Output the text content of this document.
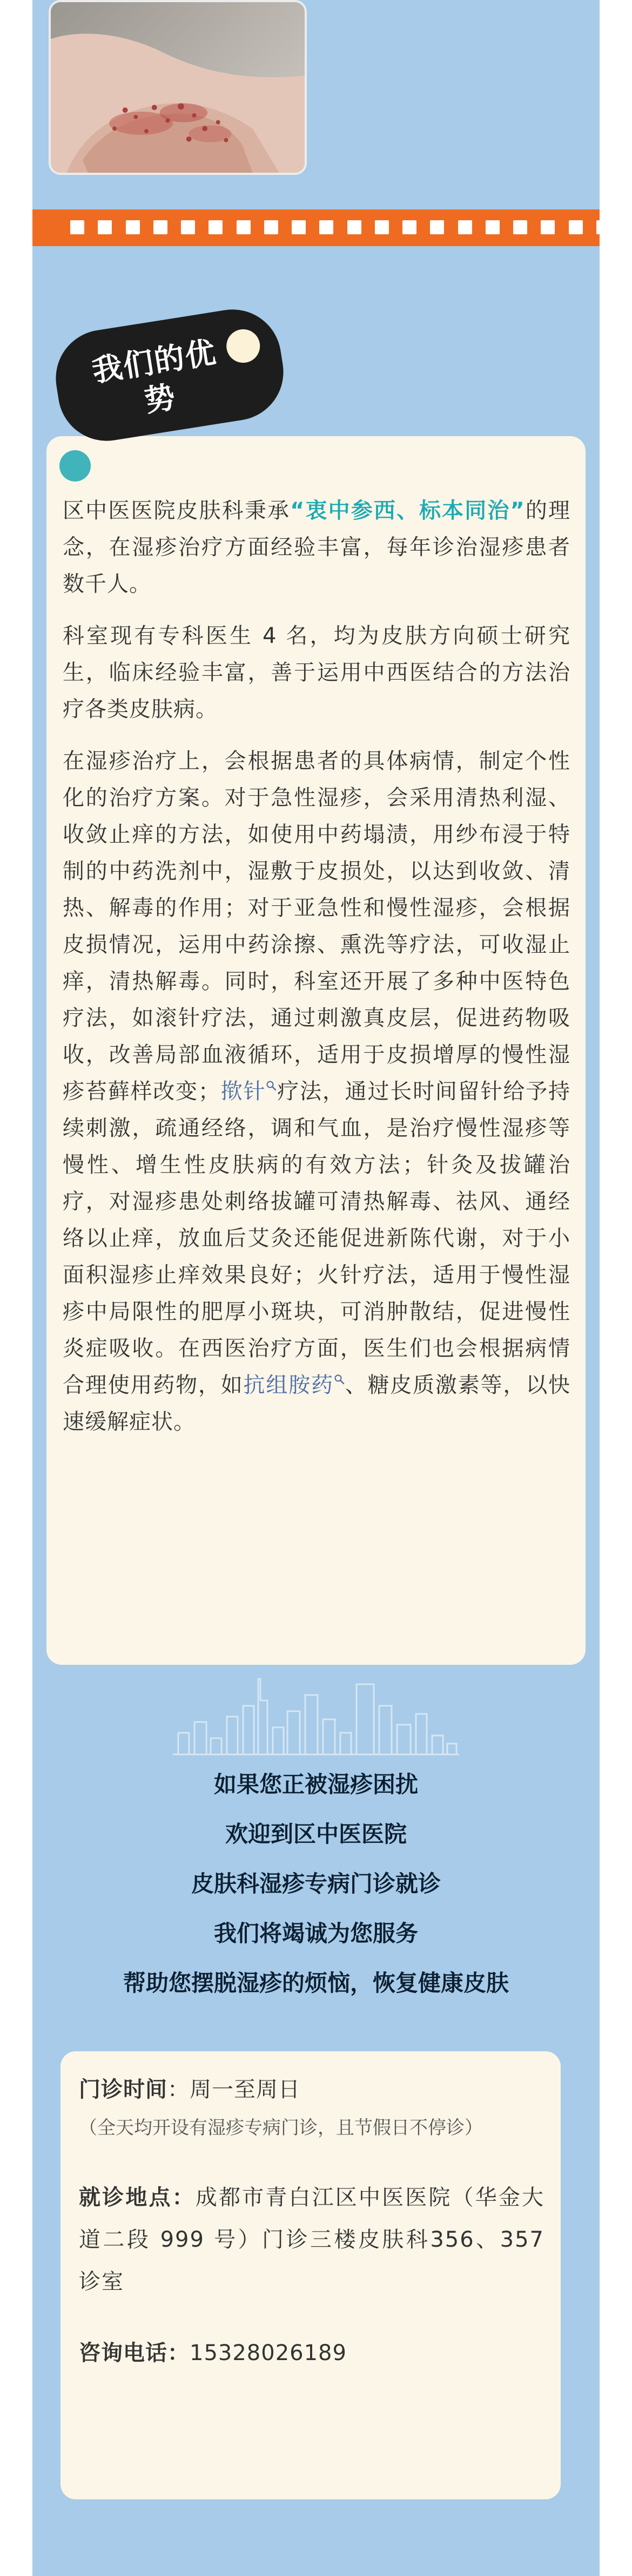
我们的优势

区中医医院皮肤科秉承“衷中参西、标本同治”的理念，在湿疹治疗方面经验丰富，每年诊治湿疹患者数千人。

科室现有专科医生 4 名，均为皮肤方向硕士研究生，临床经验丰富，善于运用中西医结合的方法治疗各类皮肤病。

在湿疹治疗上，会根据患者的具体病情，制定个性化的治疗方案。对于急性湿疹，会采用清热利湿、收敛止痒的方法，如使用中药塌渍，用纱布浸于特制的中药洗剂中，湿敷于皮损处，以达到收敛、清热、解毒的作用；对于亚急性和慢性湿疹，会根据皮损情况，运用中药涂擦、熏洗等疗法，可收湿止痒，清热解毒。同时，科室还开展了多种中医特色疗法，如滚针疗法，通过刺激真皮层，促进药物吸收，改善局部血液循环，适用于皮损增厚的慢性湿疹苔藓样改变；揿针 疗法，通过长时间留针给予持续刺激，疏通经络，调和气血，是治疗慢性湿疹等慢性、增生性皮肤病的有效方法；针灸及拔罐治疗，对湿疹患处刺络拔罐可清热解毒、祛风、通经络以止痒，放血后艾灸还能促进新陈代谢，对于小面积湿疹止痒效果良好；火针疗法，适用于慢性湿疹中局限性的肥厚小斑块，可消肿散结，促进慢性炎症吸收。在西医治疗方面，医生们也会根据病情合理使用药物，如抗组胺药 、糖皮质激素等，以快速缓解症状。

如果您正被湿疹困扰
欢迎到区中医医院
皮肤科湿疹专病门诊就诊
我们将竭诚为您服务
帮助您摆脱湿疹的烦恼，恢复健康皮肤
门诊时间：周一至周日
（全天均开设有湿疹专病门诊，且节假日不停诊）
就诊地点：成都市青白江区中医医院（华金大道二段 999 号）门诊三楼皮肤科356、357诊室
咨询电话：15328026189
